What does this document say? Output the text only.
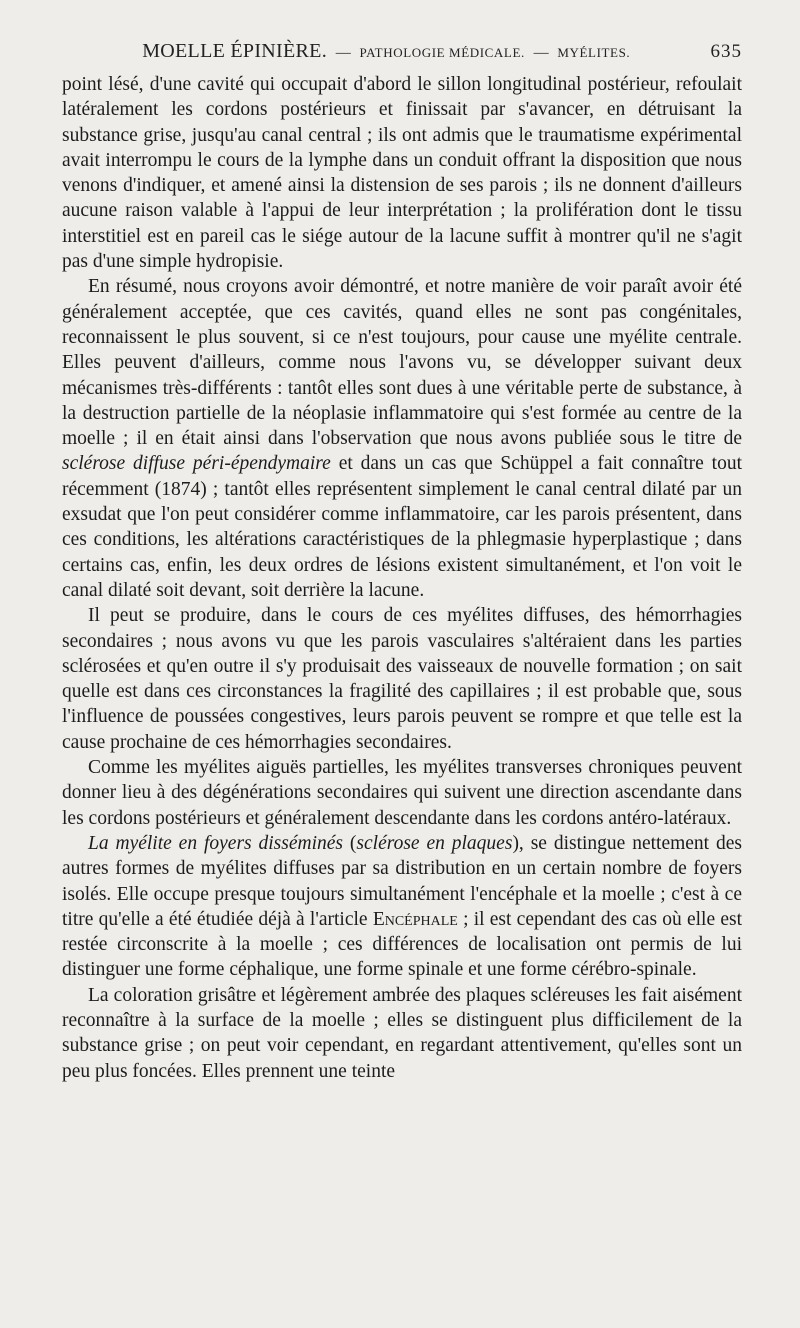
MOELLE ÉPINIÈRE. — PATHOLOGIE MÉDICALE. — MYÉLITES.	635

point lésé, d'une cavité qui occupait d'abord le sillon longitudinal postérieur, refoulait latéralement les cordons postérieurs et finissait par s'avancer, en détruisant la substance grise, jusqu'au canal central ; ils ont admis que le traumatisme expérimental avait interrompu le cours de la lymphe dans un conduit offrant la disposition que nous venons d'indiquer, et amené ainsi la distension de ses parois ; ils ne donnent d'ailleurs aucune raison valable à l'appui de leur interprétation ; la prolifération dont le tissu interstitiel est en pareil cas le siége autour de la lacune suffit à montrer qu'il ne s'agit pas d'une simple hydropisie.

En résumé, nous croyons avoir démontré, et notre manière de voir paraît avoir été généralement acceptée, que ces cavités, quand elles ne sont pas congénitales, reconnaissent le plus souvent, si ce n'est toujours, pour cause une myélite centrale. Elles peuvent d'ailleurs, comme nous l'avons vu, se développer suivant deux mécanismes très-différents : tantôt elles sont dues à une véritable perte de substance, à la destruction partielle de la néoplasie inflammatoire qui s'est formée au centre de la moelle ; il en était ainsi dans l'observation que nous avons publiée sous le titre de sclérose diffuse péri-épendymaire et dans un cas que Schüppel a fait connaître tout récemment (1874) ; tantôt elles représentent simplement le canal central dilaté par un exsudat que l'on peut considérer comme inflammatoire, car les parois présentent, dans ces conditions, les altérations caractéristiques de la phlegmasie hyperplastique ; dans certains cas, enfin, les deux ordres de lésions existent simultanément, et l'on voit le canal dilaté soit devant, soit derrière la lacune.

Il peut se produire, dans le cours de ces myélites diffuses, des hémorrhagies secondaires ; nous avons vu que les parois vasculaires s'altéraient dans les parties sclérosées et qu'en outre il s'y produisait des vaisseaux de nouvelle formation ; on sait quelle est dans ces circonstances la fragilité des capillaires ; il est probable que, sous l'influence de poussées congestives, leurs parois peuvent se rompre et que telle est la cause prochaine de ces hémorrhagies secondaires.

Comme les myélites aiguës partielles, les myélites transverses chroniques peuvent donner lieu à des dégénérations secondaires qui suivent une direction ascendante dans les cordons postérieurs et généralement descendante dans les cordons antéro-latéraux.

La myélite en foyers disséminés (sclérose en plaques), se distingue nettement des autres formes de myélites diffuses par sa distribution en un certain nombre de foyers isolés. Elle occupe presque toujours simultanément l'encéphale et la moelle ; c'est à ce titre qu'elle a été étudiée déjà à l'article Encéphale ; il est cependant des cas où elle est restée circonscrite à la moelle ; ces différences de localisation ont permis de lui distinguer une forme céphalique, une forme spinale et une forme cérébro-spinale.

La coloration grisâtre et légèrement ambrée des plaques scléreuses les fait aisément reconnaître à la surface de la moelle ; elles se distinguent plus difficilement de la substance grise ; on peut voir cependant, en regardant attentivement, qu'elles sont un peu plus foncées. Elles prennent une teinte
